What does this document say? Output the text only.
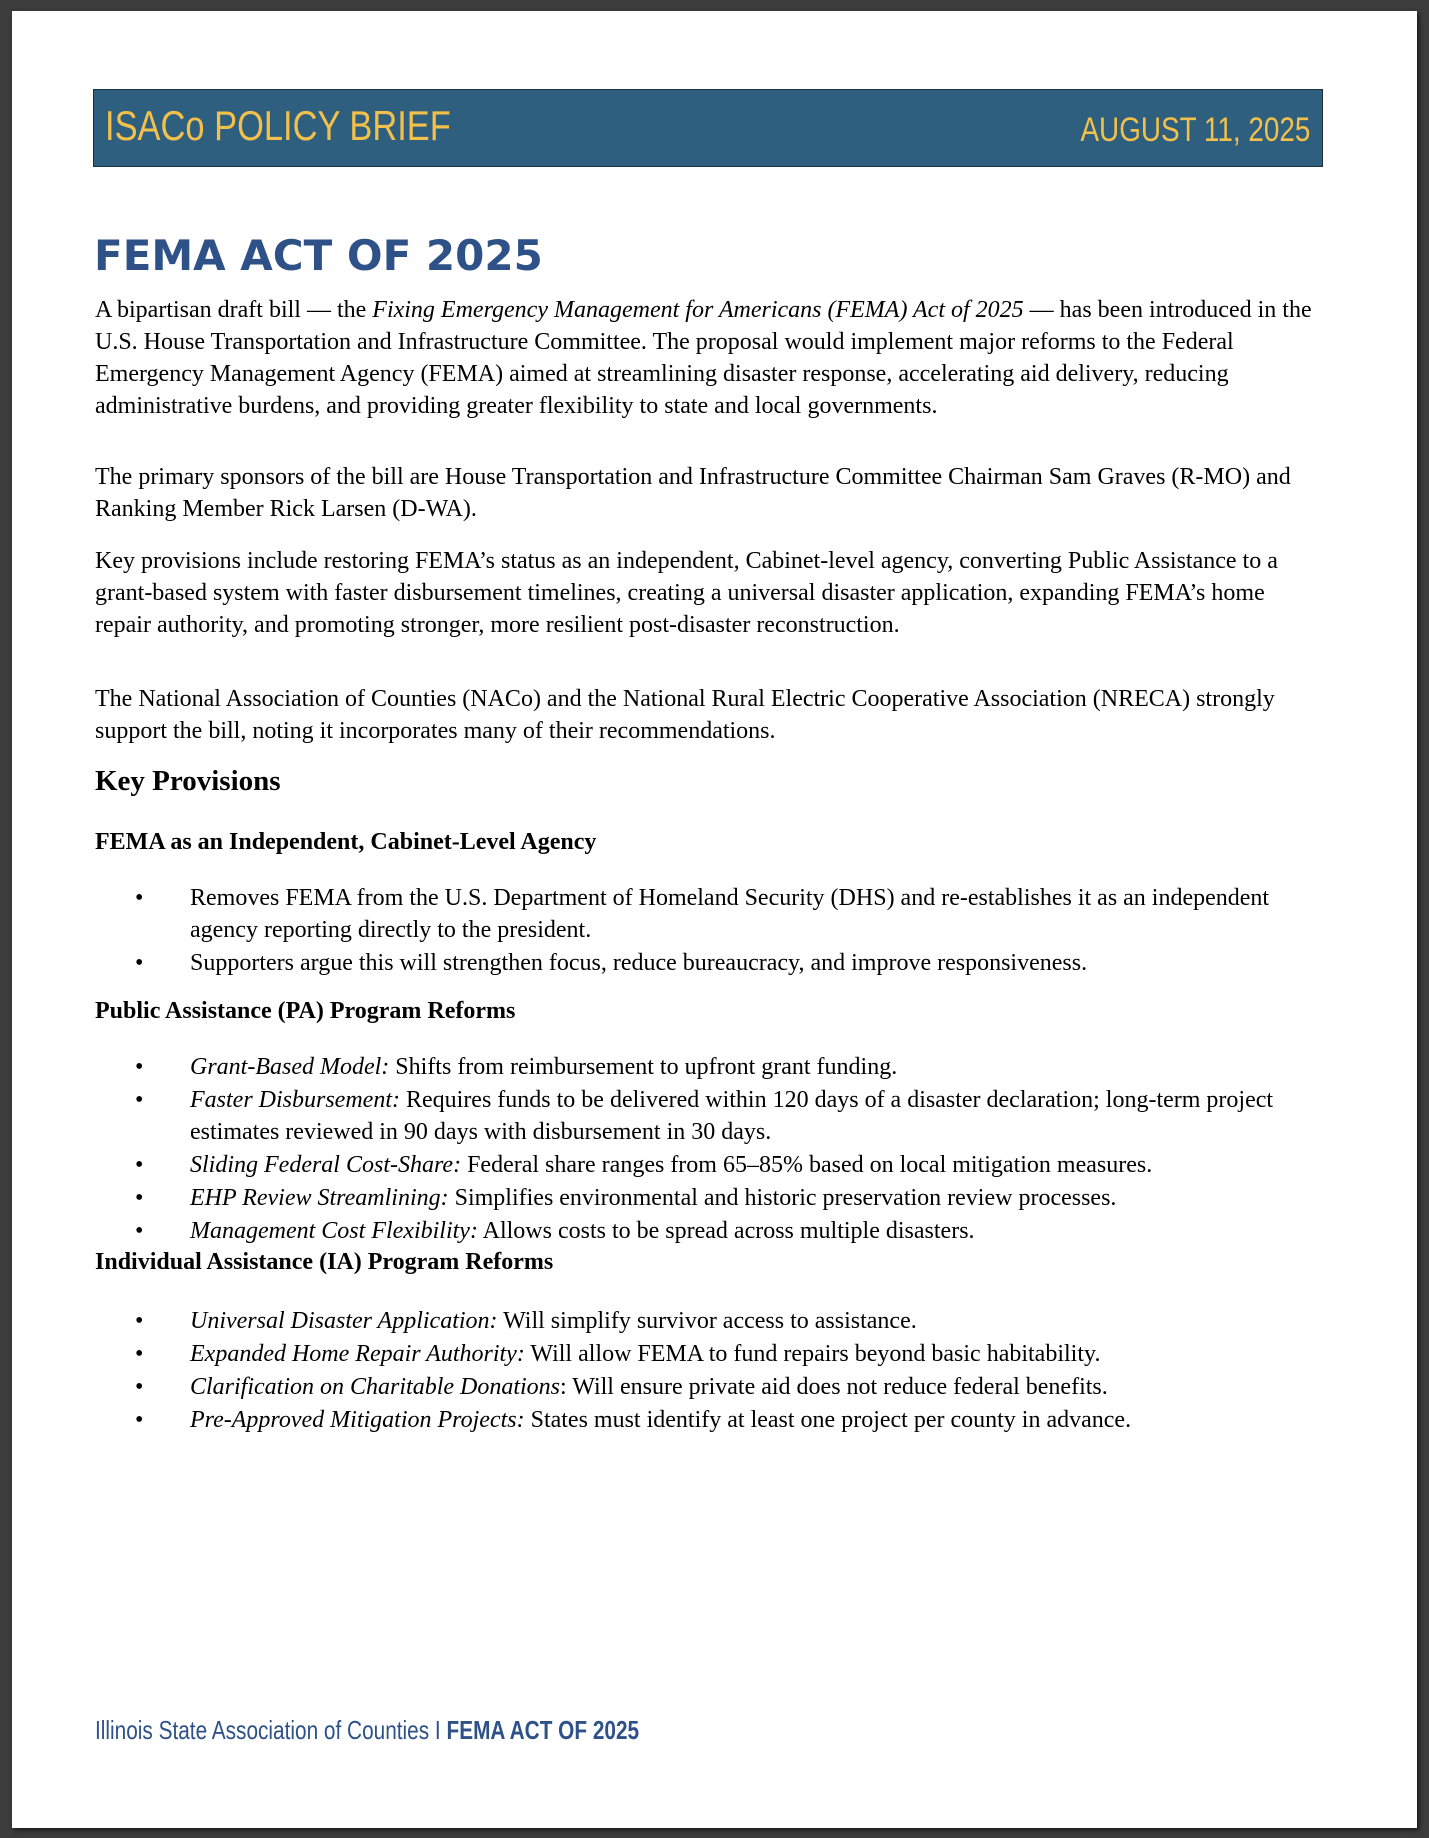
ISACo POLICY BRIEF	AUGUST 11, 2025
FEMA ACT OF 2025

A bipartisan draft bill — the Fixing Emergency Management for Americans (FEMA) Act of 2025 — has been introduced in the U.S. House Transportation and Infrastructure Committee. The proposal would implement major reforms to the Federal Emergency Management Agency (FEMA) aimed at streamlining disaster response, accelerating aid delivery, reducing administrative burdens, and providing greater flexibility to state and local governments.

The primary sponsors of the bill are House Transportation and Infrastructure Committee Chairman Sam Graves (R-MO) and Ranking Member Rick Larsen (D-WA).

Key provisions include restoring FEMA’s status as an independent, Cabinet-level agency, converting Public Assistance to a grant-based system with faster disbursement timelines, creating a universal disaster application, expanding FEMA’s home repair authority, and promoting stronger, more resilient post-disaster reconstruction.

The National Association of Counties (NACo) and the National Rural Electric Cooperative Association (NRECA) strongly support the bill, noting it incorporates many of their recommendations.

Key Provisions
FEMA as an Independent, Cabinet-Level Agency
• Removes FEMA from the U.S. Department of Homeland Security (DHS) and re-establishes it as an independent agency reporting directly to the president.
• Supporters argue this will strengthen focus, reduce bureaucracy, and improve responsiveness.
Public Assistance (PA) Program Reforms
• Grant-Based Model: Shifts from reimbursement to upfront grant funding.
• Faster Disbursement: Requires funds to be delivered within 120 days of a disaster declaration; long-term project estimates reviewed in 90 days with disbursement in 30 days.
• Sliding Federal Cost-Share: Federal share ranges from 65–85% based on local mitigation measures.
• EHP Review Streamlining: Simplifies environmental and historic preservation review processes.
• Management Cost Flexibility: Allows costs to be spread across multiple disasters.
Individual Assistance (IA) Program Reforms
• Universal Disaster Application: Will simplify survivor access to assistance.
• Expanded Home Repair Authority: Will allow FEMA to fund repairs beyond basic habitability.
• Clarification on Charitable Donations: Will ensure private aid does not reduce federal benefits.
• Pre-Approved Mitigation Projects: States must identify at least one project per county in advance.
Illinois State Association of Counties I FEMA ACT OF 2025
